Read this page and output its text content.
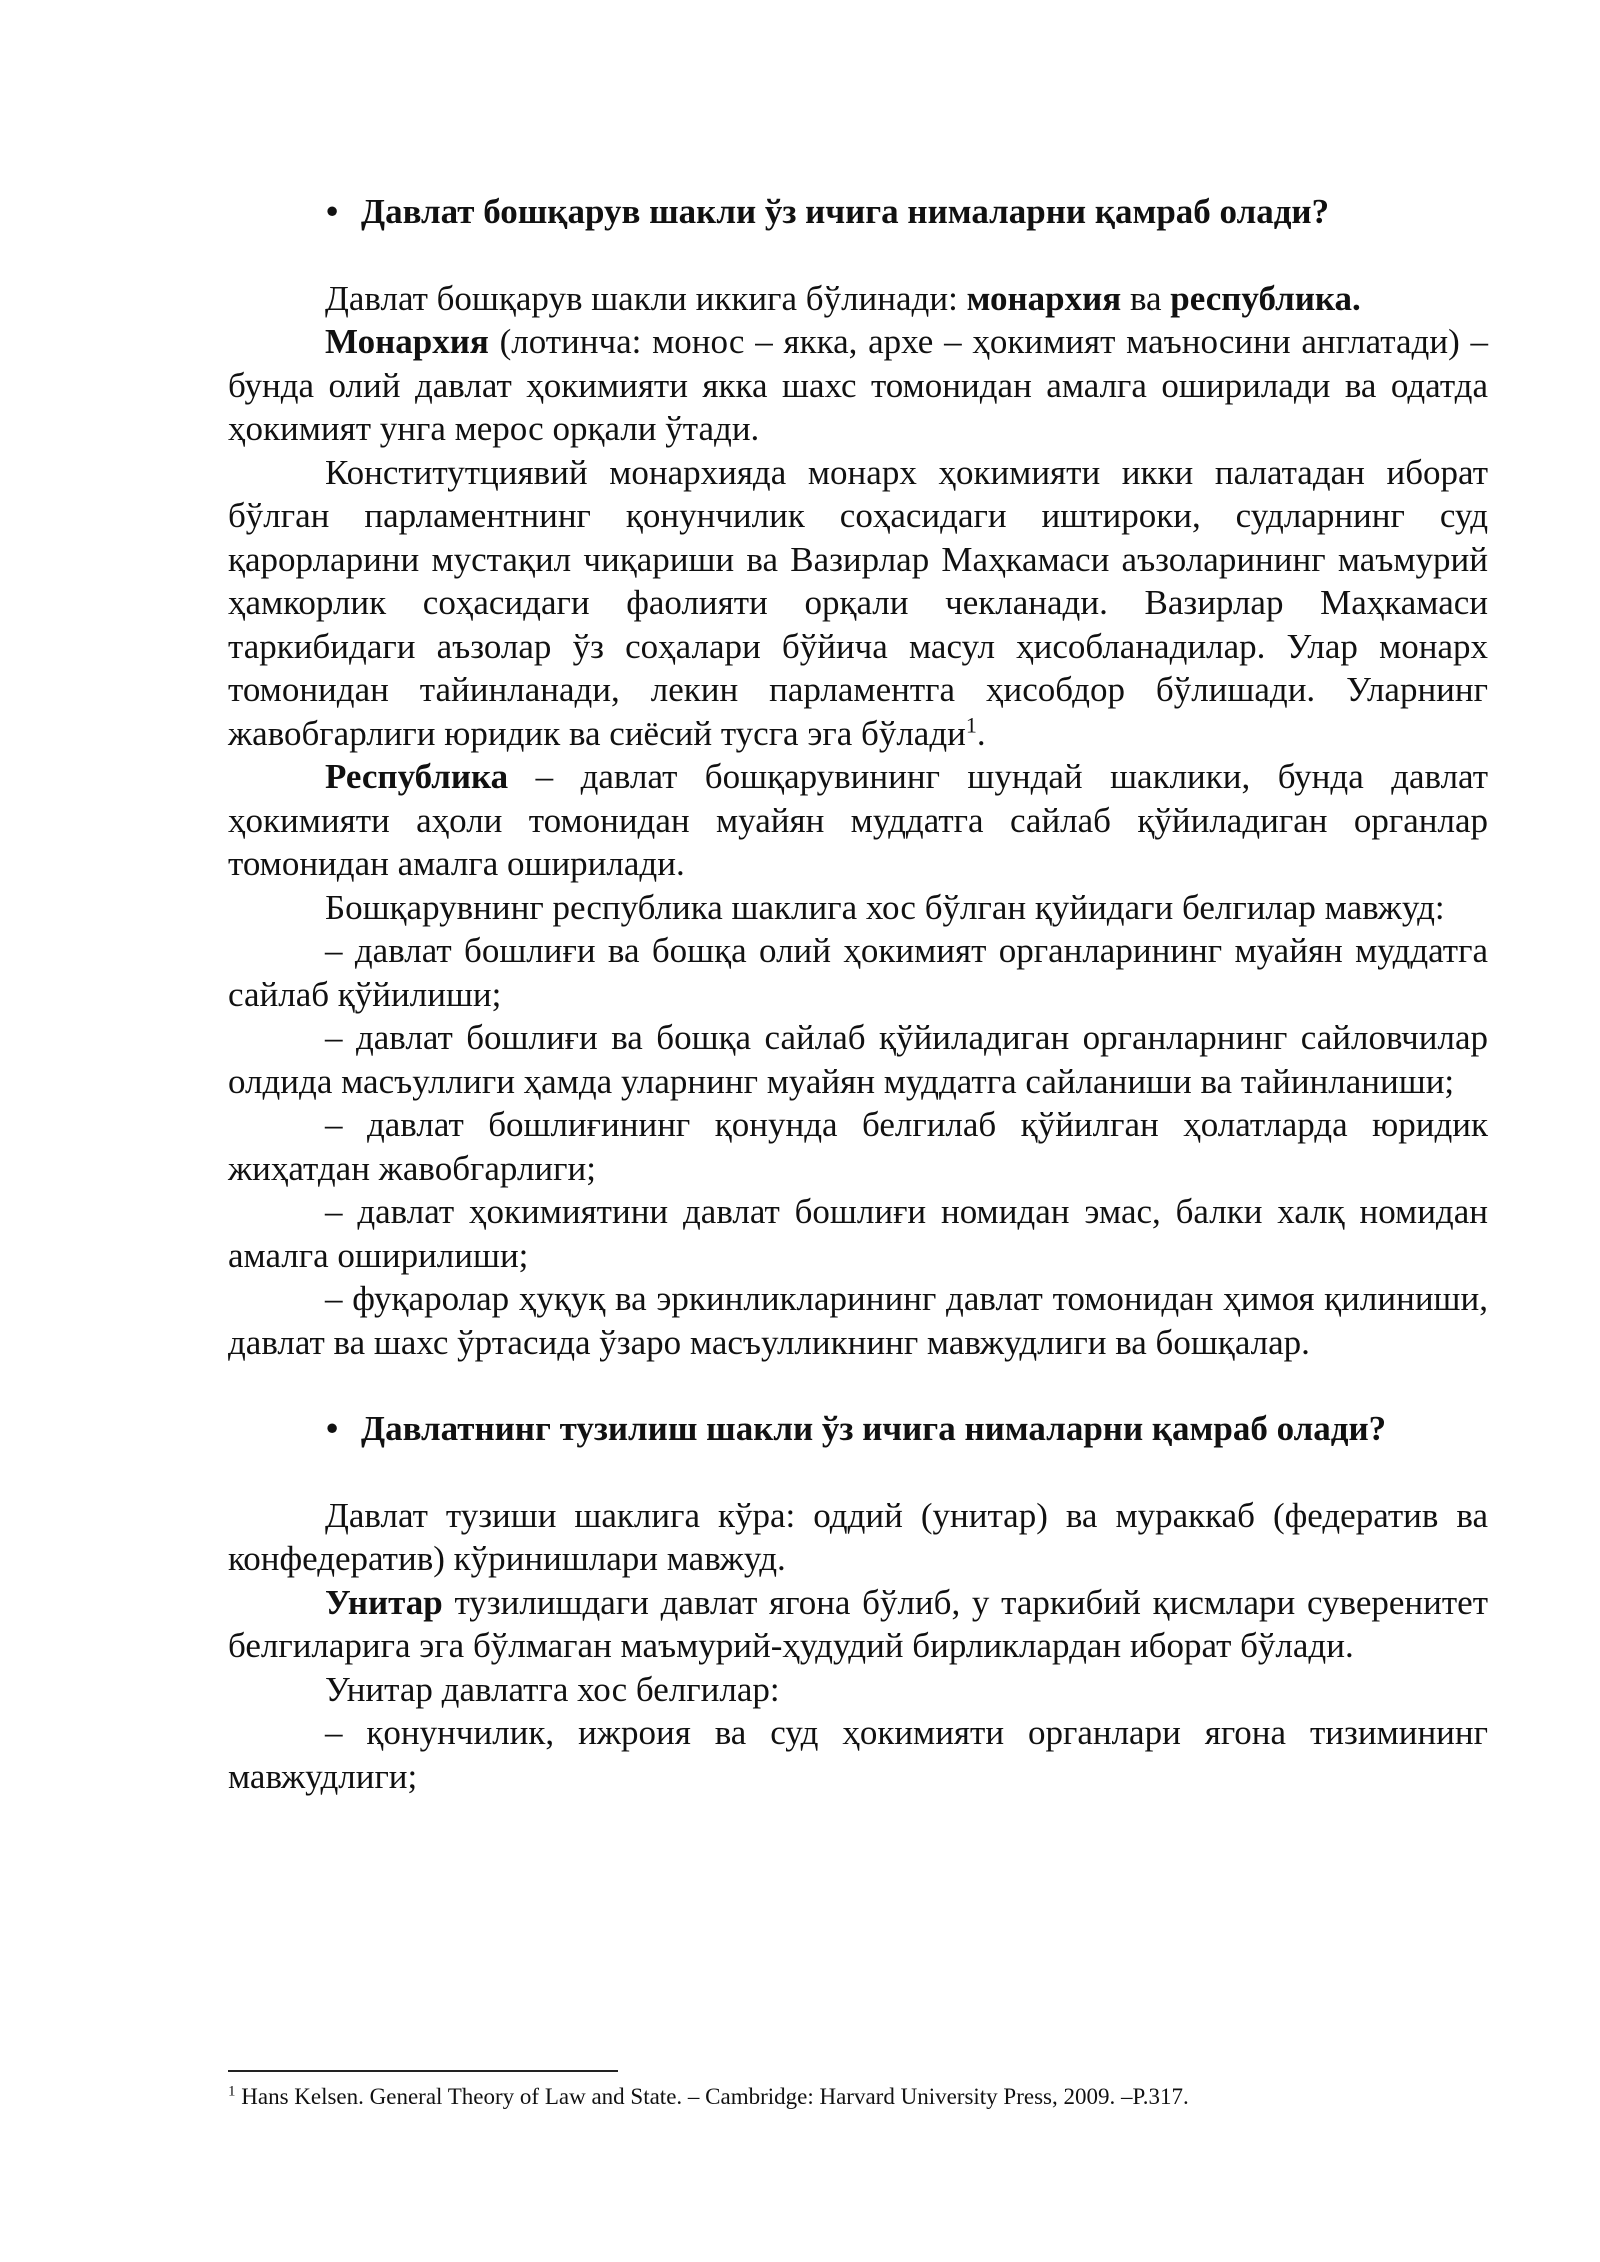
• Давлат бошқарув шакли ўз ичига нималарни қамраб олади?

Давлат бошқарув шакли иккига бўлинади: монархия ва республика.

Монархия (лотинча: монос – якка, архе – ҳокимият маъносини англатади) – бунда олий давлат ҳокимияти якка шахс томонидан амалга оширилади ва одатда ҳокимият унга мерос орқали ўтади.

Конститутциявий монархияда монарх ҳокимияти икки палатадан иборат бўлган парламентнинг қонунчилик соҳасидаги иштироки, судларнинг суд қарорларини мустақил чиқариши ва Вазирлар Маҳкамаси аъзоларининг маъмурий ҳамкорлик соҳасидаги фаолияти орқали чекланади. Вазирлар Маҳкамаси таркибидаги аъзолар ўз соҳалари бўйича масул ҳисобланадилар. Улар монарх томонидан тайинланади, лекин парламентга ҳисобдор бўлишади. Уларнинг жавобгарлиги юридик ва сиёсий тусга эга бўлади$^1$.

Республика – давлат бошқарувининг шундай шаклики, бунда давлат ҳокимияти аҳоли томонидан муайян муддатга сайлаб қўйиладиган органлар томонидан амалга оширилади.

Бошқарувнинг республика шаклига хос бўлган қуйидаги белгилар мавжуд:

– давлат бошлиғи ва бошқа олий ҳокимият органларининг муайян муддатга сайлаб қўйилиши;

– давлат бошлиғи ва бошқа сайлаб қўйиладиган органларнинг сайловчилар олдида масъуллиги ҳамда уларнинг муайян муддатга сайланиши ва тайинланиши;

– давлат бошлиғининг қонунда белгилаб қўйилган ҳолатларда юридик жиҳатдан жавобгарлиги;

– давлат ҳокимиятини давлат бошлиғи номидан эмас, балки халқ номидан амалга оширилиши;

– фуқаролар ҳуқуқ ва эркинликларининг давлат томонидан ҳимоя қилиниши, давлат ва шахс ўртасида ўзаро масъулликнинг мавжудлиги ва бошқалар.

• Давлатнинг тузилиш шакли ўз ичига нималарни қамраб олади?

Давлат тузиши шаклига кўра: оддий (унитар) ва мураккаб (федератив ва конфедератив) кўринишлари мавжуд.

Унитар тузилишдаги давлат ягона бўлиб, у таркибий қисмлари суверенитет белгиларига эга бўлмаган маъмурий-ҳудудий бирликлардан иборат бўлади.

Унитар давлатга хос белгилар:

– қонунчилик, ижроия ва суд ҳокимияти органлари ягона тизимининг мавжудлиги;

$^1$ Hans Kelsen. General Theory of Law and State. – Cambridge: Harvard University Press, 2009. –P.317.
